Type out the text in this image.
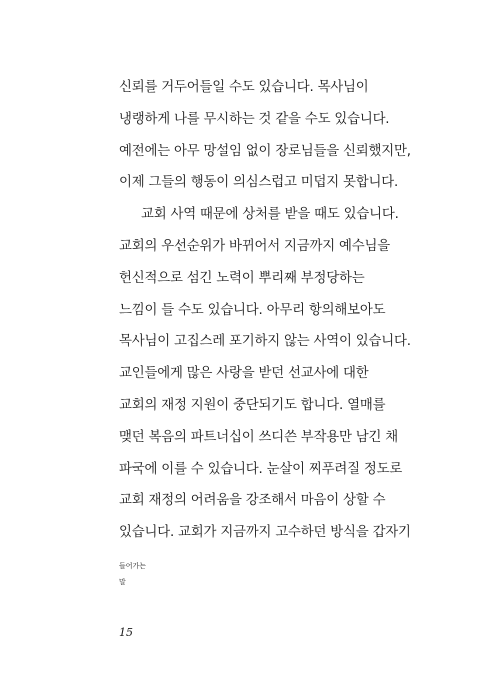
신뢰를 거두어들일 수도 있습니다. 목사님이
냉랭하게 나를 무시하는 것 같을 수도 있습니다.
예전에는 아무 망설임 없이 장로님들을 신뢰했지만,
이제 그들의 행동이 의심스럽고 미덥지 못합니다.
교회 사역 때문에 상처를 받을 때도 있습니다.
교회의 우선순위가 바뀌어서 지금까지 예수님을
헌신적으로 섬긴 노력이 뿌리째 부정당하는
느낌이 들 수도 있습니다. 아무리 항의해보아도
목사님이 고집스레 포기하지 않는 사역이 있습니다.
교인들에게 많은 사랑을 받던 선교사에 대한
교회의 재정 지원이 중단되기도 합니다. 열매를
맺던 복음의 파트너십이 쓰디쓴 부작용만 남긴 채
파국에 이를 수 있습니다. 눈살이 찌푸려질 정도로
교회 재정의 어려움을 강조해서 마음이 상할 수
있습니다. 교회가 지금까지 고수하던 방식을 갑자기
들어가는
말
15
